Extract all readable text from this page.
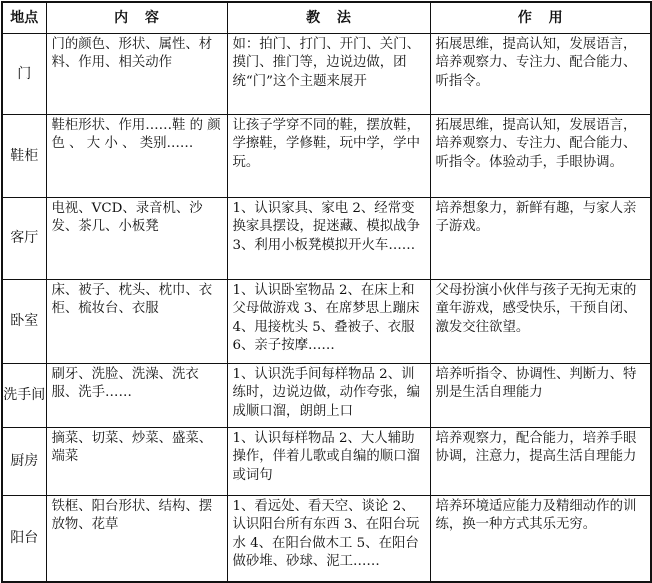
地点	内容	教法	作用
门	门的颜色、形状、属性、材料、作用、相关动作	如：拍门、打门、开门、关门、摸门、推门等，边说边做，团统“门”这个主题来展开	拓展思维，提高认知，发展语言，培养观察力、专注力、配合能力、听指令。
鞋柜	鞋柜形状、作用……鞋 的 颜 色 、 大 小 、 类别……	让孩子学穿不同的鞋，摆放鞋，学擦鞋，学修鞋，玩中学，学中玩。	拓展思维，提高认知，发展语言，培养观察力、专注力、配合能力、听指令。体验动手，手眼协调。
客厅	电视、VCD、录音机、沙发、茶几、小板凳	1、认识家具、家电 2、经常变换家具摆设，捉迷藏、模拟战争 3、利用小板凳模拟开火车……	培养想象力，新鲜有趣，与家人亲子游戏。
卧室	床、被子、枕头、枕巾、衣柜、梳妆台、衣服	1、认识卧室物品 2、在床上和父母做游戏 3、在席梦思上蹦床 4、甩接枕头 5、叠被子、衣服 6、亲子按摩……	父母扮演小伙伴与孩子无拘无束的童年游戏，感受快乐，干预自闭、激发交往欲望。
洗手间	刷牙、洗脸、洗澡、洗衣服、洗手……	1、认识洗手间每样物品 2、训练时，边说边做，动作夸张，编成顺口溜，朗朗上口	培养听指令、协调性、判断力、特别是生活自理能力
厨房	摘菜、切菜、炒菜、盛菜、端菜	1、认识每样物品 2、大人辅助操作，伴着儿歌或自编的顺口溜或词句	培养观察力，配合能力，培养手眼协调，注意力，提高生活自理能力
阳台	铁框、阳台形状、结构、摆放物、花草	1、看远处、看天空、谈论 2、认识阳台所有东西 3、在阳台玩水 4、在阳台做木工 5、在阳台做砂堆、砂球、泥工……	培养环境适应能力及精细动作的训练，换一种方式其乐无穷。
